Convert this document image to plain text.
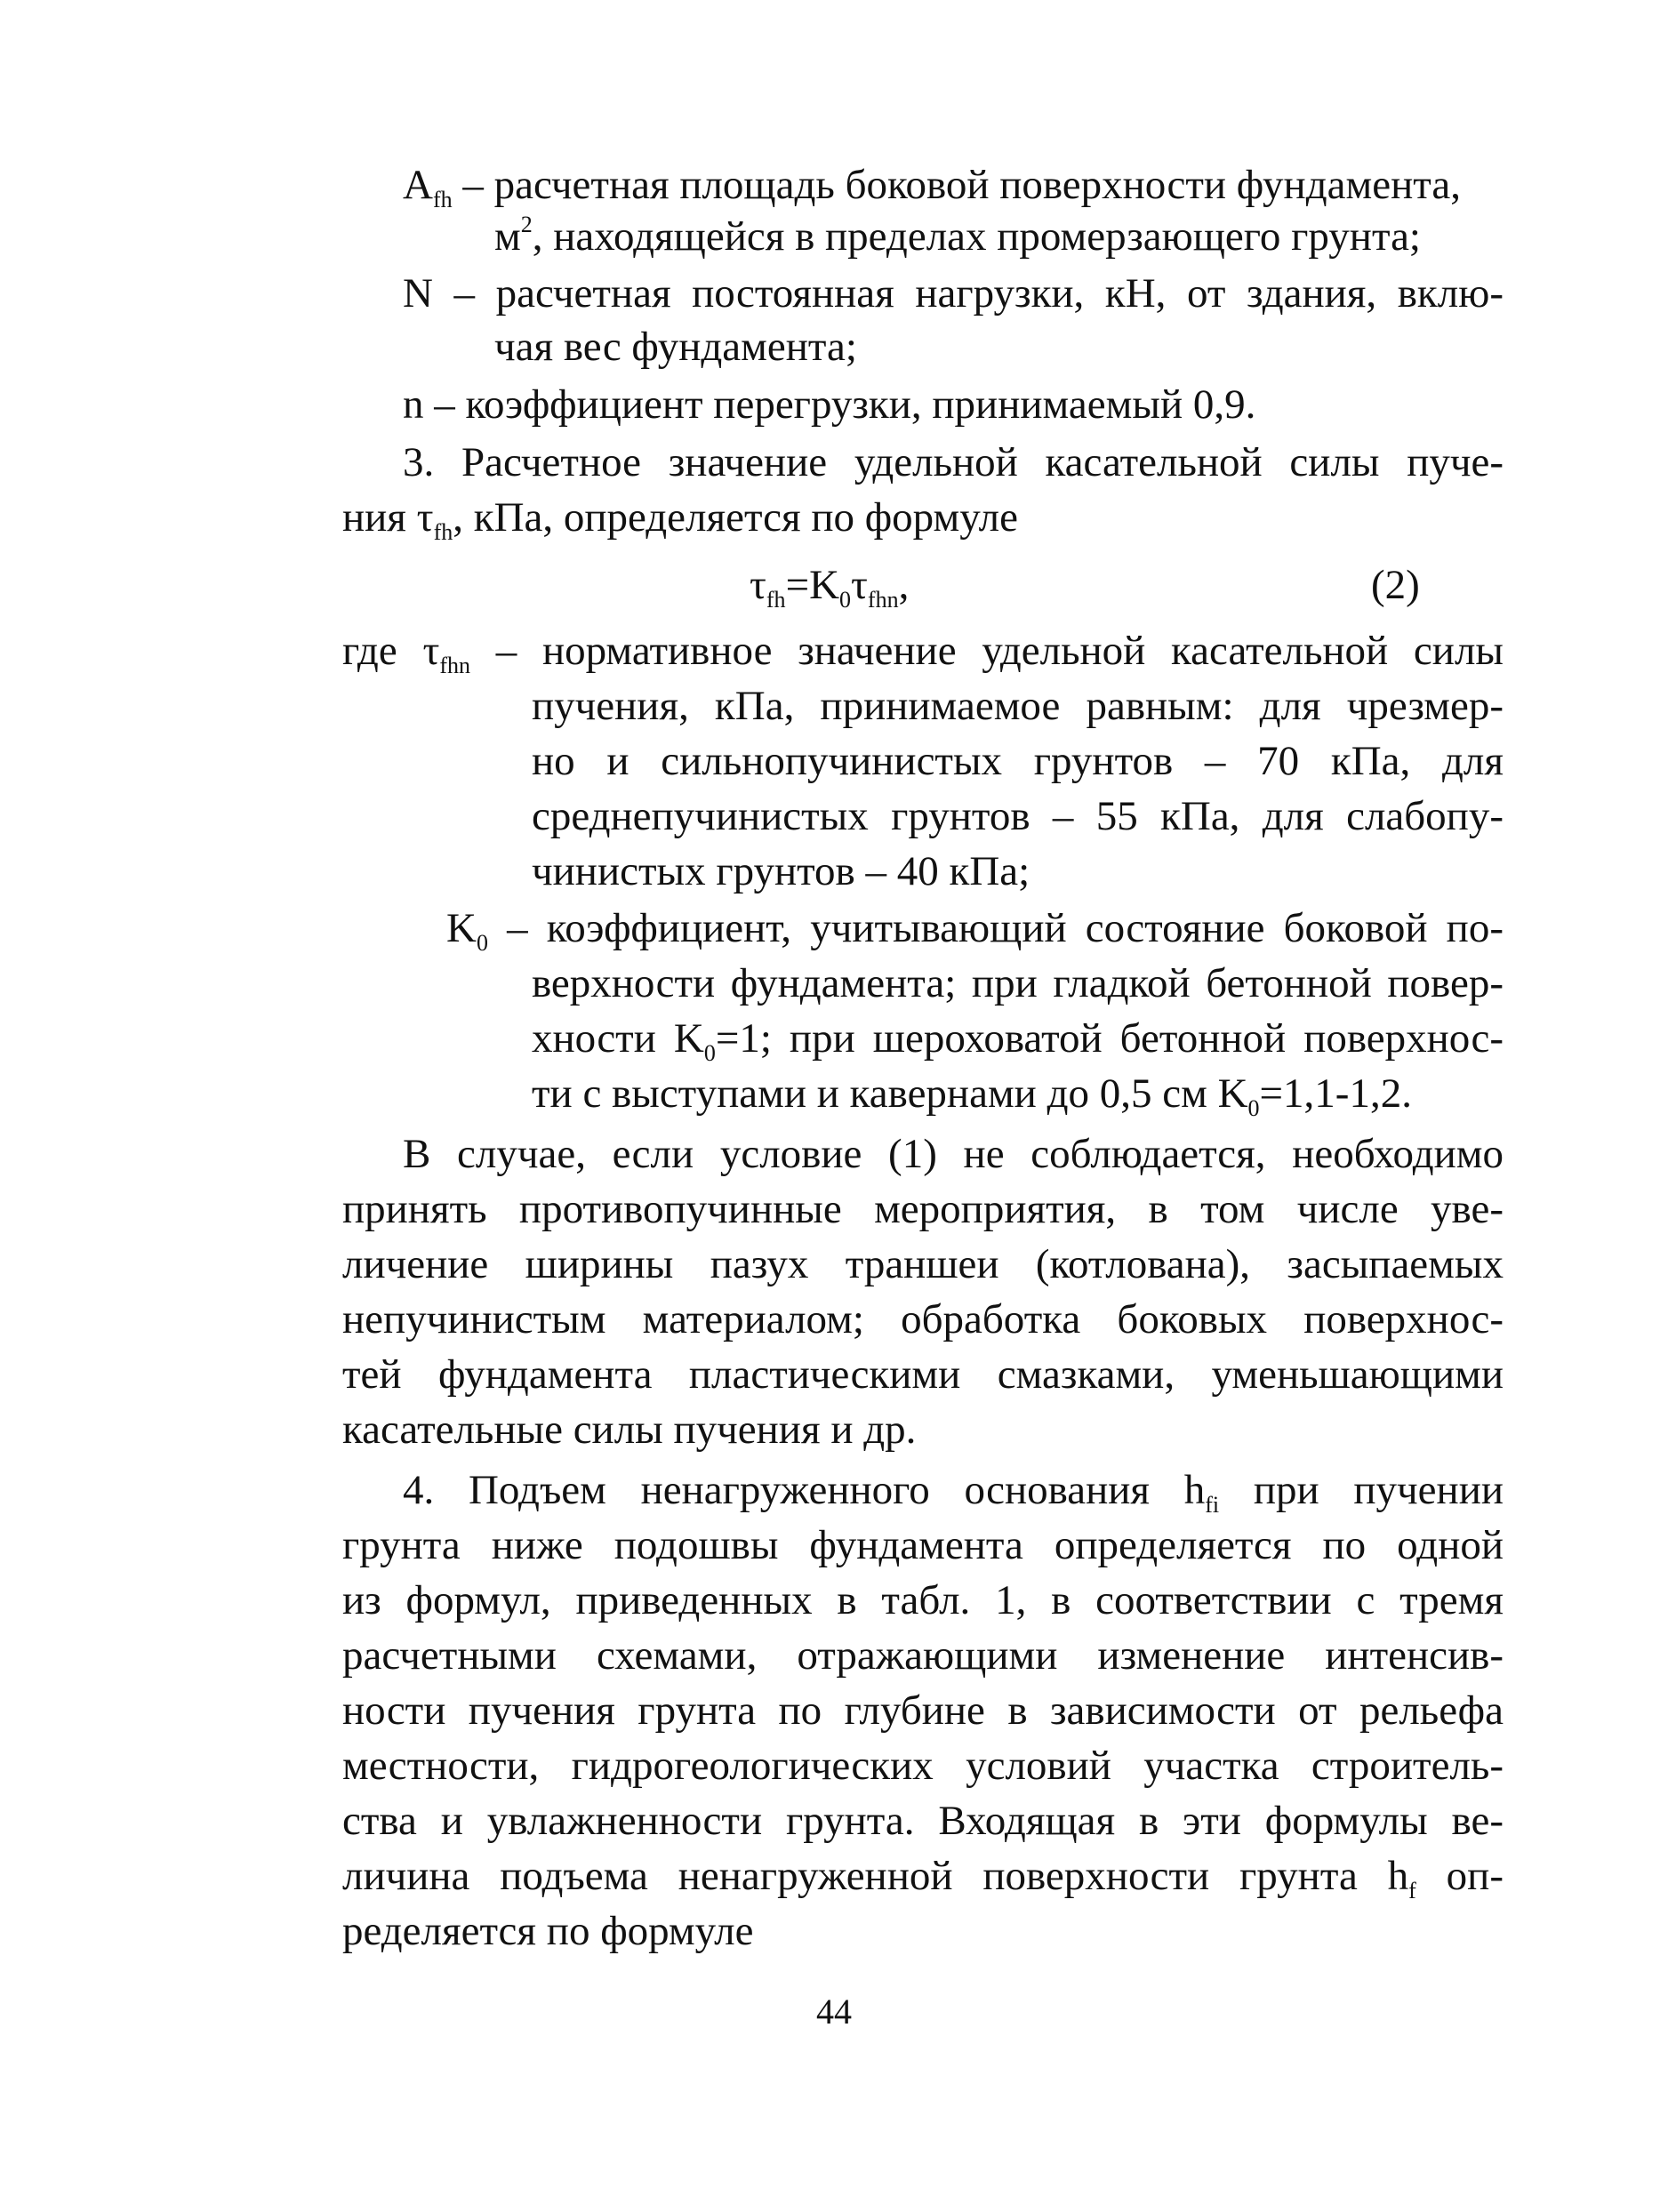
$A_{fh}$ – расчетная площадь боковой поверхности фундамента,
$м^2$, находящейся в пределах промерзающего грунта;
N – расчетная постоянная нагрузки, кН, от здания, вклю-
чая вес фундамента;
n – коэффициент перегрузки, принимаемый 0,9.
3. Расчетное значение удельной касательной силы пуче-
ния $\tau_{fh}$, кПа, определяется по формуле
$\tau_{fh}=K_0\tau_{fhn}$,	(2)
где $\tau_{fhn}$ – нормативное значение удельной касательной силы
пучения, кПа, принимаемое равным: для чрезмер-
но и сильнопучинистых грунтов – 70 кПа, для
среднепучинистых грунтов – 55 кПа, для слабопу-
чинистых грунтов – 40 кПа;
$K_0$ – коэффициент, учитывающий состояние боковой по-
верхности фундамента; при гладкой бетонной повер-
хности $K_0=1$; при шероховатой бетонной поверхнос-
ти с выступами и кавернами до 0,5 см $K_0=1,1-1,2$.
В случае, если условие (1) не соблюдается, необходимо
принять противопучинные мероприятия, в том числе уве-
личение ширины пазух траншеи (котлована), засыпаемых
непучинистым материалом; обработка боковых поверхнос-
тей фундамента пластическими смазками, уменьшающими
касательные силы пучения и др.
4. Подъем ненагруженного основания $h_{fi}$ при пучении
грунта ниже подошвы фундамента определяется по одной
из формул, приведенных в табл. 1, в соответствии с тремя
расчетными схемами, отражающими изменение интенсив-
ности пучения грунта по глубине в зависимости от рельефа
местности, гидрогеологических условий участка строитель-
ства и увлажненности грунта. Входящая в эти формулы ве-
личина подъема ненагруженной поверхности грунта $h_f$ оп-
ределяется по формуле
44
